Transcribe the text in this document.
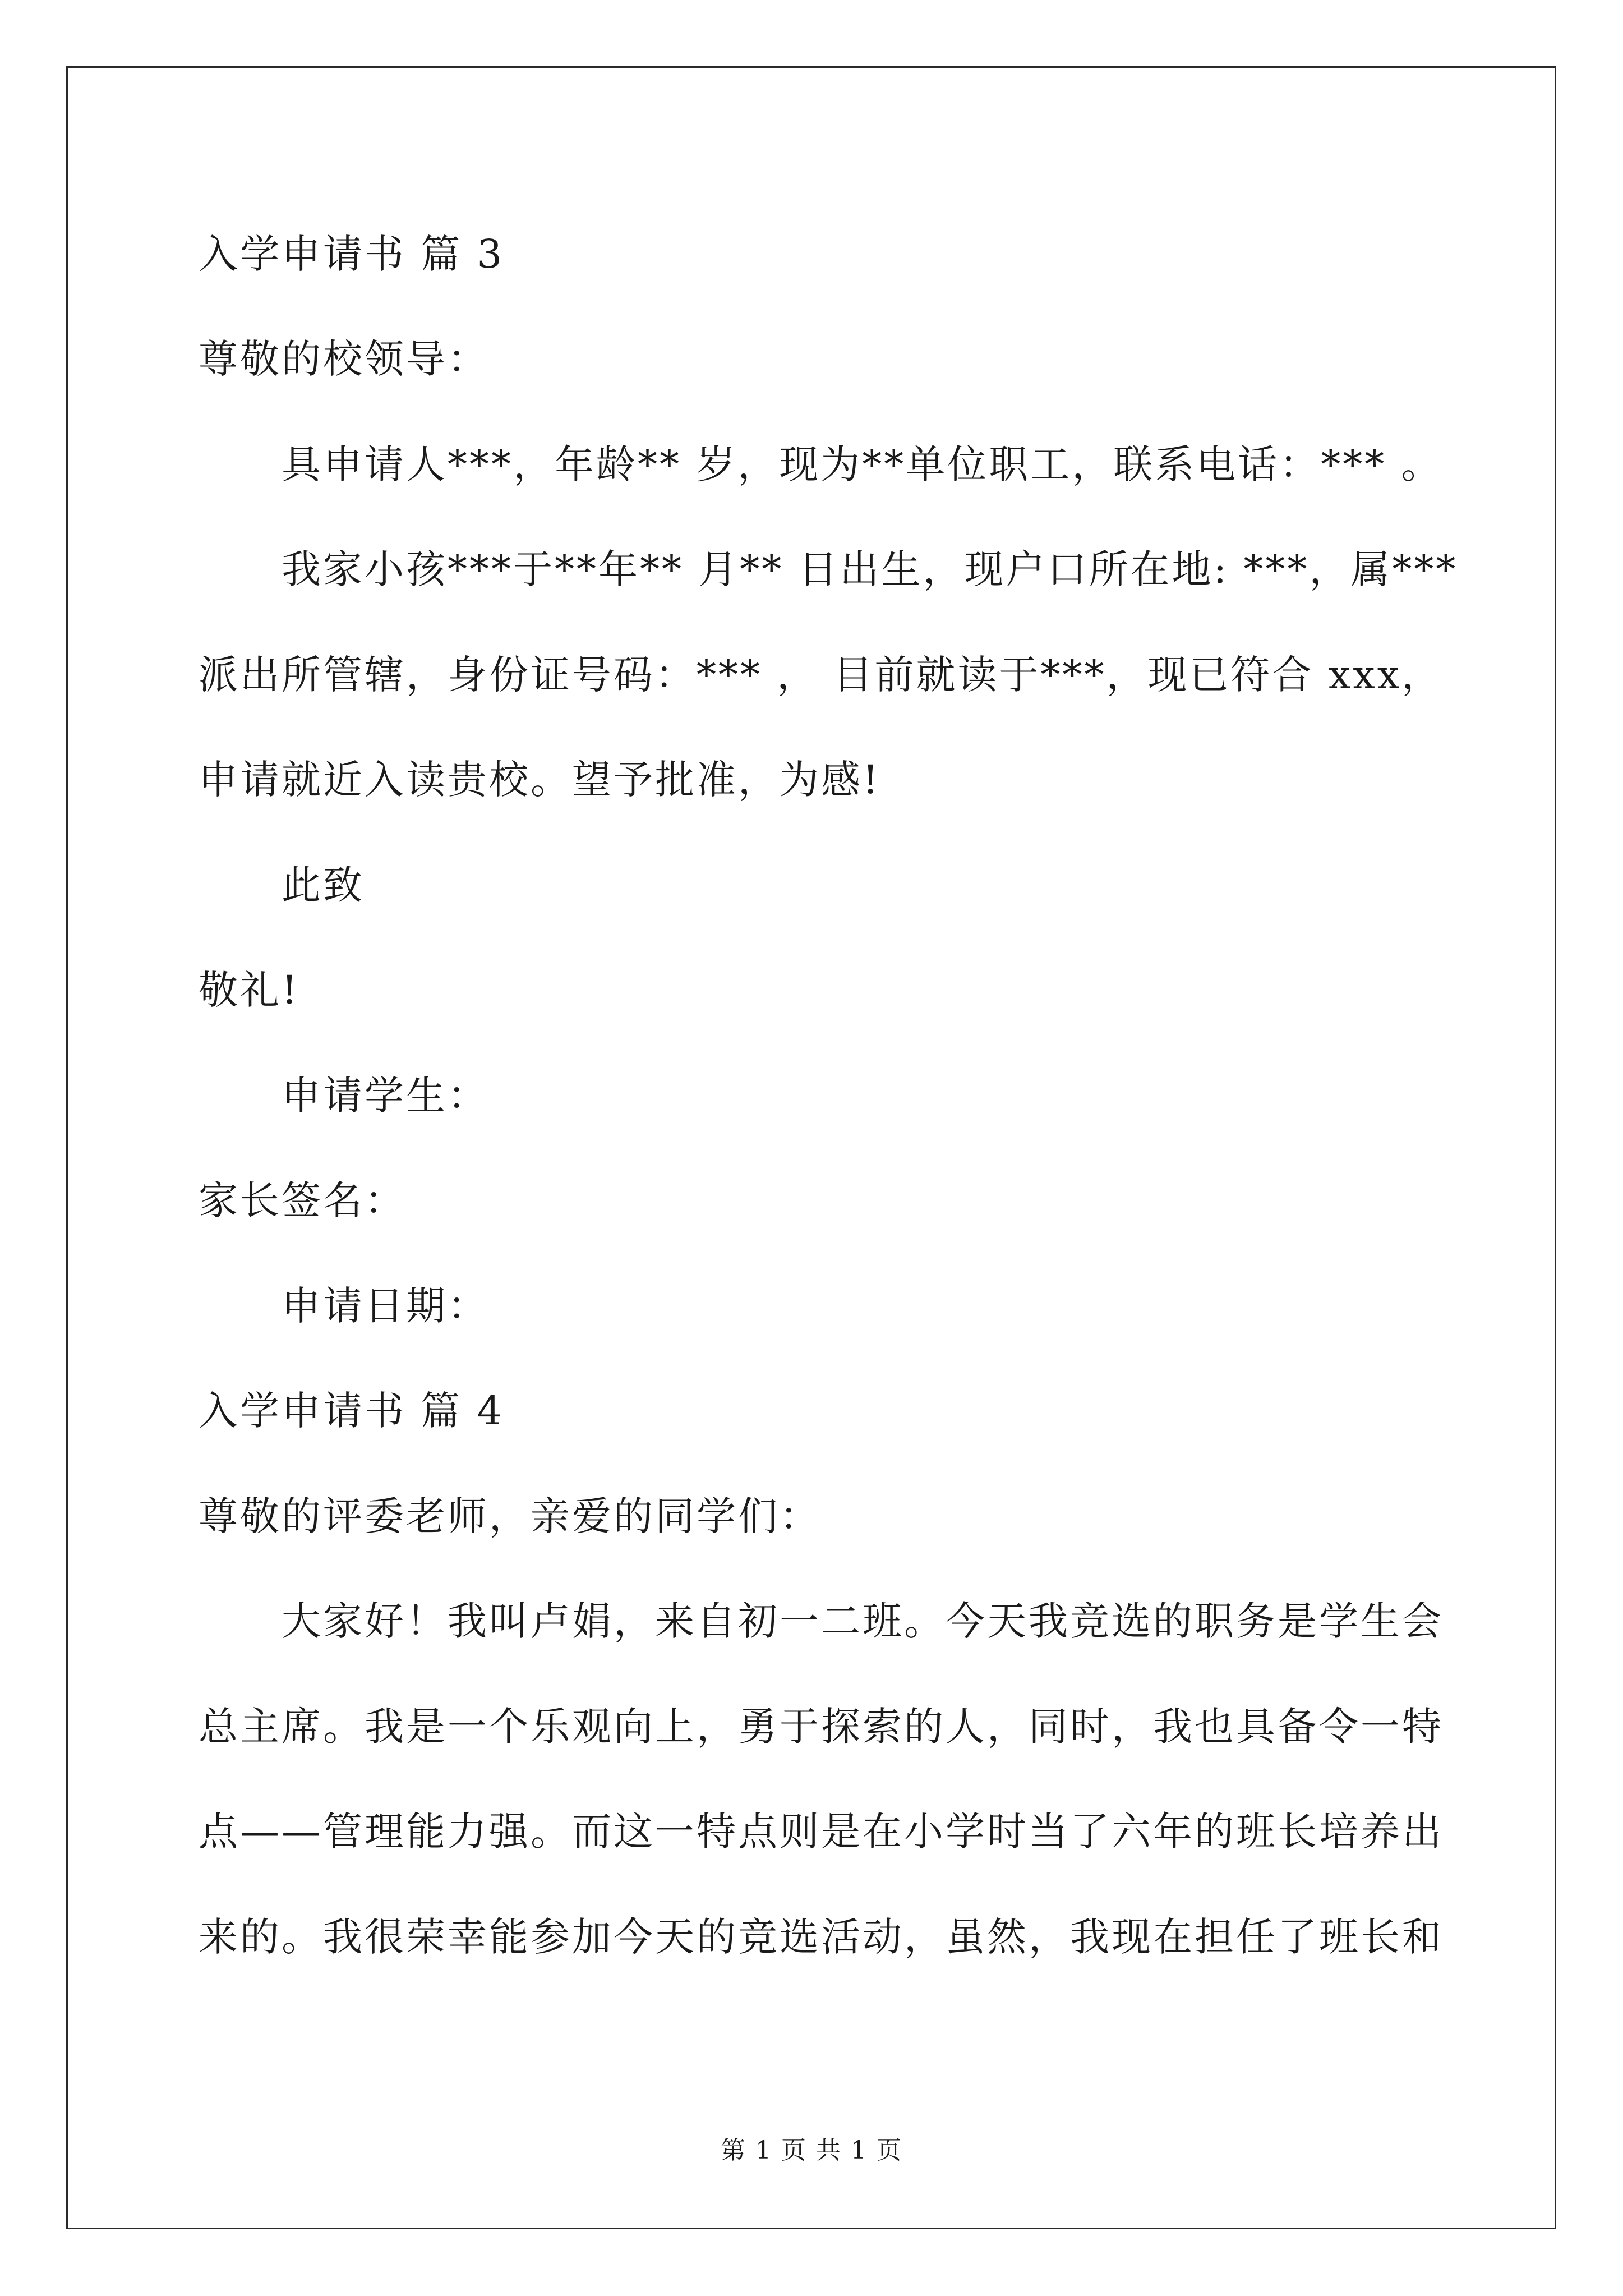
入学申请书 篇 3
尊敬的校领导：
具申请人***，年龄** 岁，现为**单位职工，联系电话：*** 。
我家小孩***于**年** 月** 日出生，现户口所在地: ***，属***
派出所管辖，身份证号码：*** ， 目前就读于***，现已符合 xxx，
申请就近入读贵校。望予批准，为感!
此致
敬礼!
申请学生：
家长签名：
申请日期：
入学申请书 篇 4
尊敬的评委老师，亲爱的同学们：
大家好！我叫卢娟，来自初一二班。今天我竞选的职务是学生会
总主席。我是一个乐观向上，勇于探索的人，同时，我也具备令一特
点——管理能力强。而这一特点则是在小学时当了六年的班长培养出
来的。我很荣幸能参加今天的竞选活动，虽然，我现在担任了班长和
第 1 页 共 1 页
